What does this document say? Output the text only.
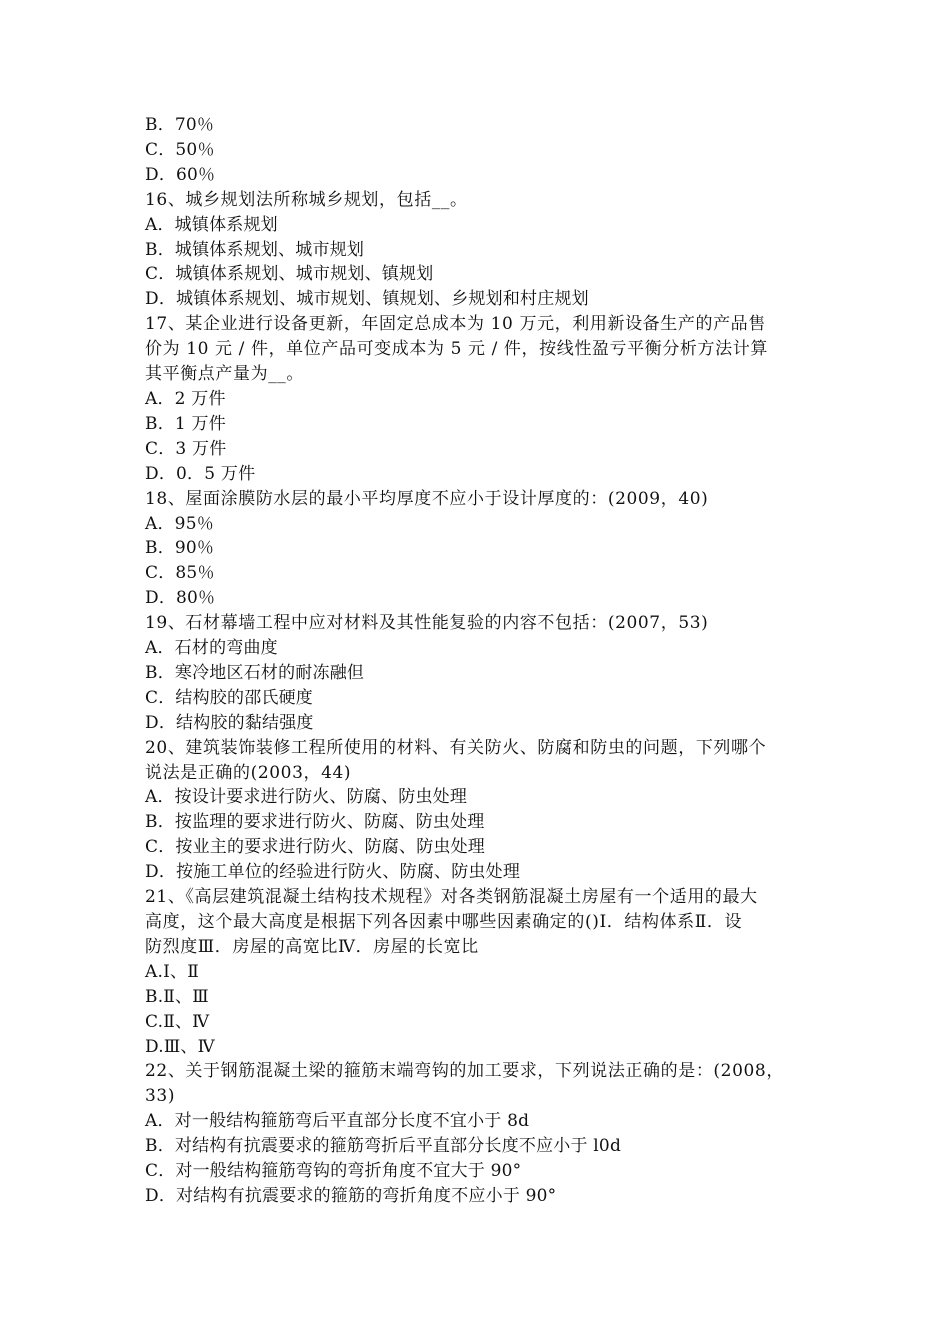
B．70％
C．50％
D．60％
16、城乡规划法所称城乡规划，包括__。
A．城镇体系规划
B．城镇体系规划、城市规划
C．城镇体系规划、城市规划、镇规划
D．城镇体系规划、城市规划、镇规划、乡规划和村庄规划
17、某企业进行设备更新，年固定总成本为 10 万元，利用新设备生产的产品售
价为 10 元 / 件，单位产品可变成本为 5 元 / 件，按线性盈亏平衡分析方法计算
其平衡点产量为__。
A．2 万件
B．1 万件
C．3 万件
D．0．5 万件
18、屋面涂膜防水层的最小平均厚度不应小于设计厚度的：(2009，40)
A．95％
B．90％
C．85％
D．80％
19、石材幕墙工程中应对材料及其性能复验的内容不包括：(2007，53)
A．石材的弯曲度
B．寒冷地区石材的耐冻融但
C．结构胶的邵氏硬度
D．结构胶的黏结强度
20、建筑装饰装修工程所使用的材料、有关防火、防腐和防虫的问题，下列哪个
说法是正确的(2003，44)
A．按设计要求进行防火、防腐、防虫处理
B．按监理的要求进行防火、防腐、防虫处理
C．按业主的要求进行防火、防腐、防虫处理
D．按施工单位的经验进行防火、防腐、防虫处理
21、《高层建筑混凝土结构技术规程》对各类钢筋混凝土房屋有一个适用的最大
高度，这个最大高度是根据下列各因素中哪些因素确定的()Ⅰ．结构体系Ⅱ．设
防烈度Ⅲ．房屋的高宽比Ⅳ．房屋的长宽比
A.Ⅰ、Ⅱ
B.Ⅱ、Ⅲ
C.Ⅱ、Ⅳ
D.Ⅲ、Ⅳ
22、关于钢筋混凝土梁的箍筋末端弯钩的加工要求，下列说法正确的是：(2008，
33)
A．对一般结构箍筋弯后平直部分长度不宜小于 8d
B．对结构有抗震要求的箍筋弯折后平直部分长度不应小于 l0d
C．对一般结构箍筋弯钩的弯折角度不宜大于 90°
D．对结构有抗震要求的箍筋的弯折角度不应小于 90°
